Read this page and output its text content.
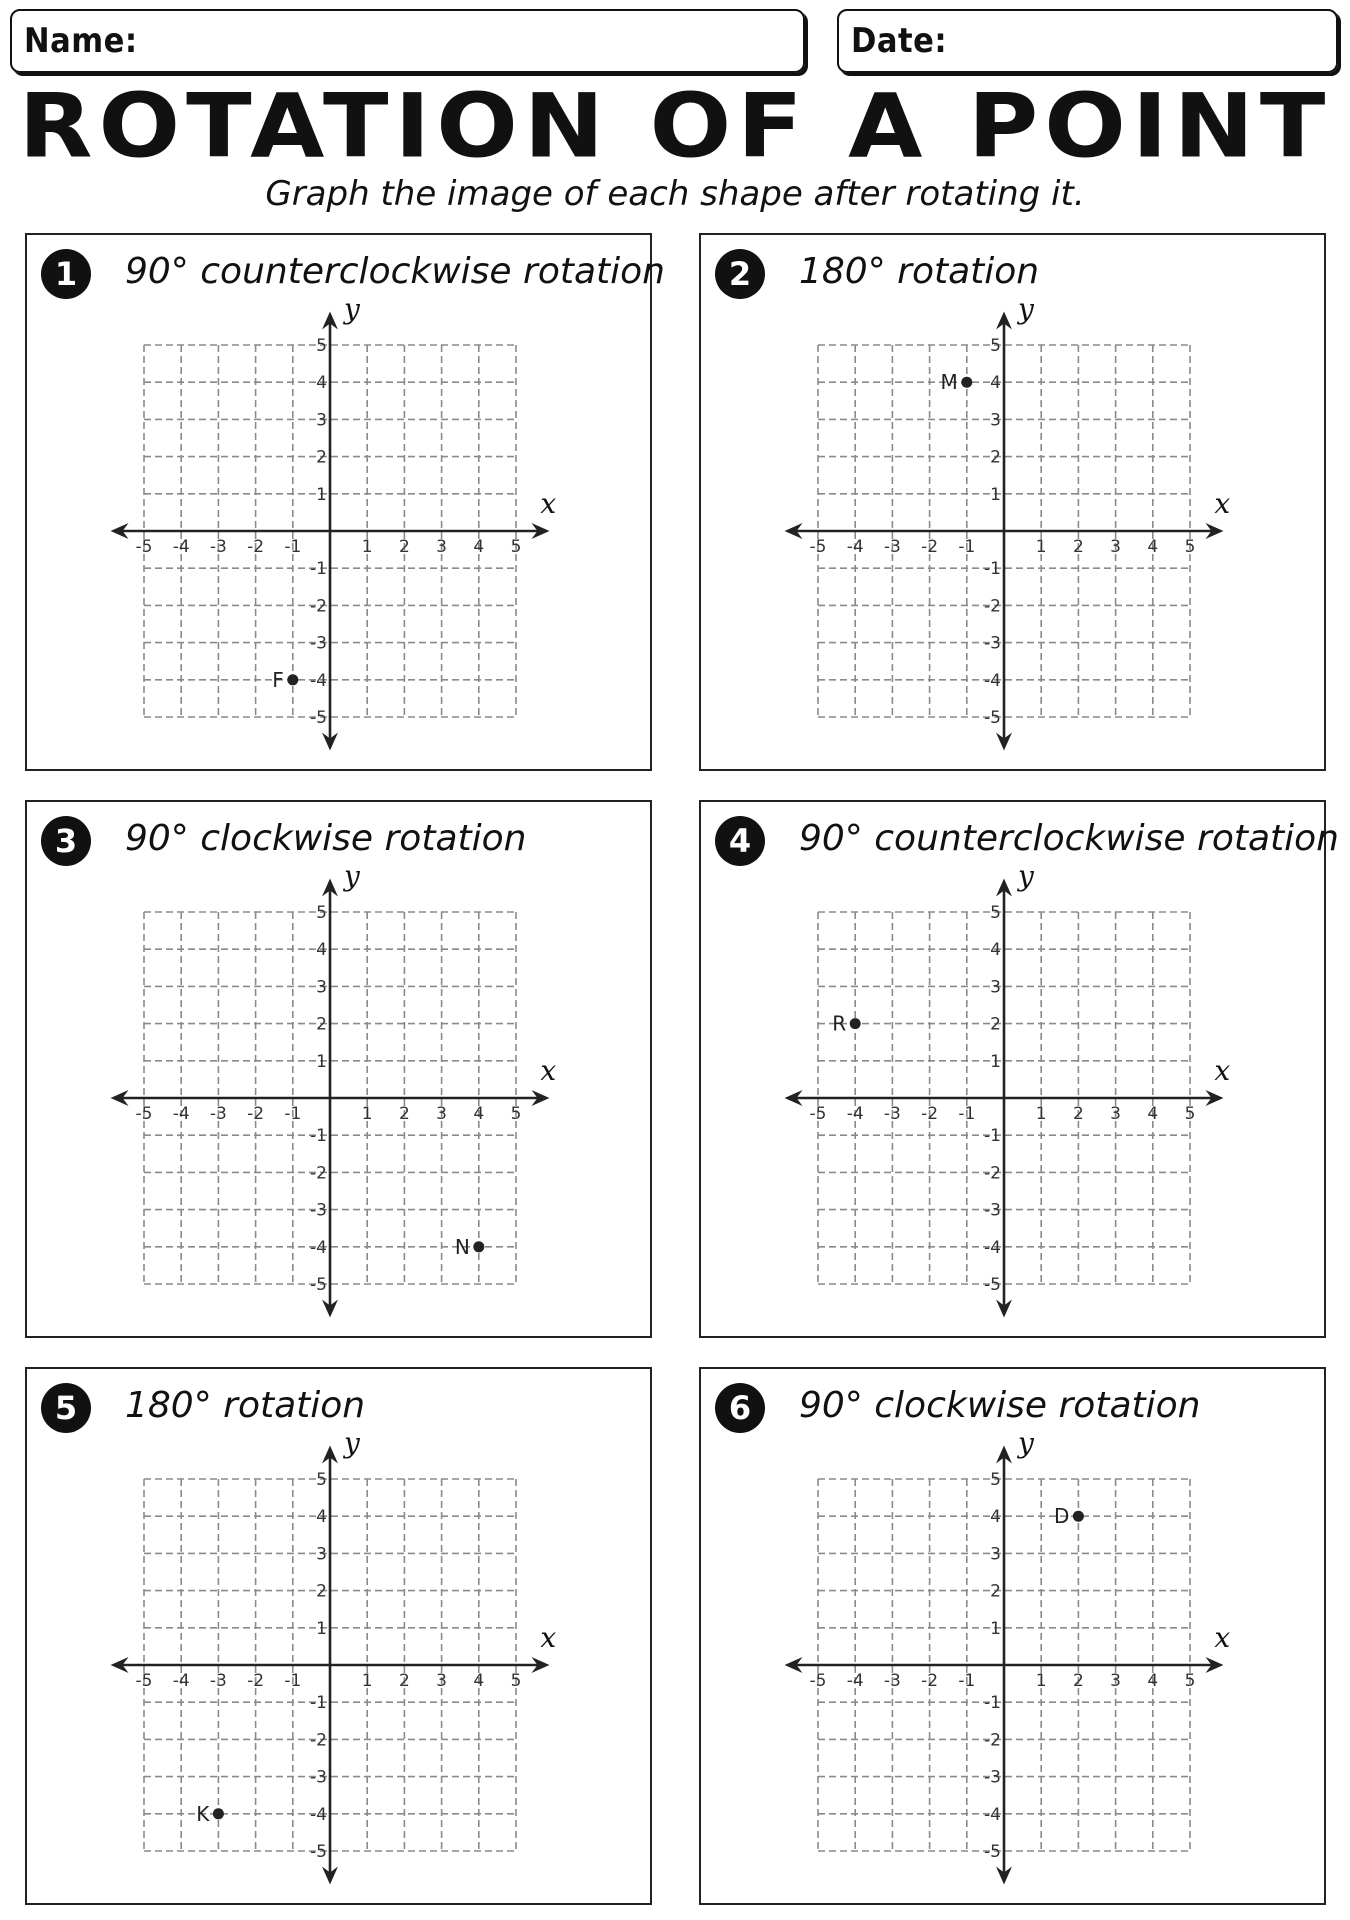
Name:	Date:
ROTATION OF A POINT
Graph the image of each shape after rotating it.
1	90° counterclockwise rotation
-5
-5
-4
-4
-3
-3
-2
-2
-1
-1
1
1
2
2
3
3
4
4
5
5
x
y
F
2	180° rotation
-5
-5
-4
-4
-3
-3
-2
-2
-1
-1
1
1
2
2
3
3
4
4
5
5
x
y
M
3	90° clockwise rotation
-5
-5
-4
-4
-3
-3
-2
-2
-1
-1
1
1
2
2
3
3
4
4
5
5
x
y
N
4	90° counterclockwise rotation
-5
-5
-4
-4
-3
-3
-2
-2
-1
-1
1
1
2
2
3
3
4
4
5
5
x
y
R
5	180° rotation
-5
-5
-4
-4
-3
-3
-2
-2
-1
-1
1
1
2
2
3
3
4
4
5
5
x
y
K
6	90° clockwise rotation
-5
-5
-4
-4
-3
-3
-2
-2
-1
-1
1
1
2
2
3
3
4
4
5
5
x
y
D
